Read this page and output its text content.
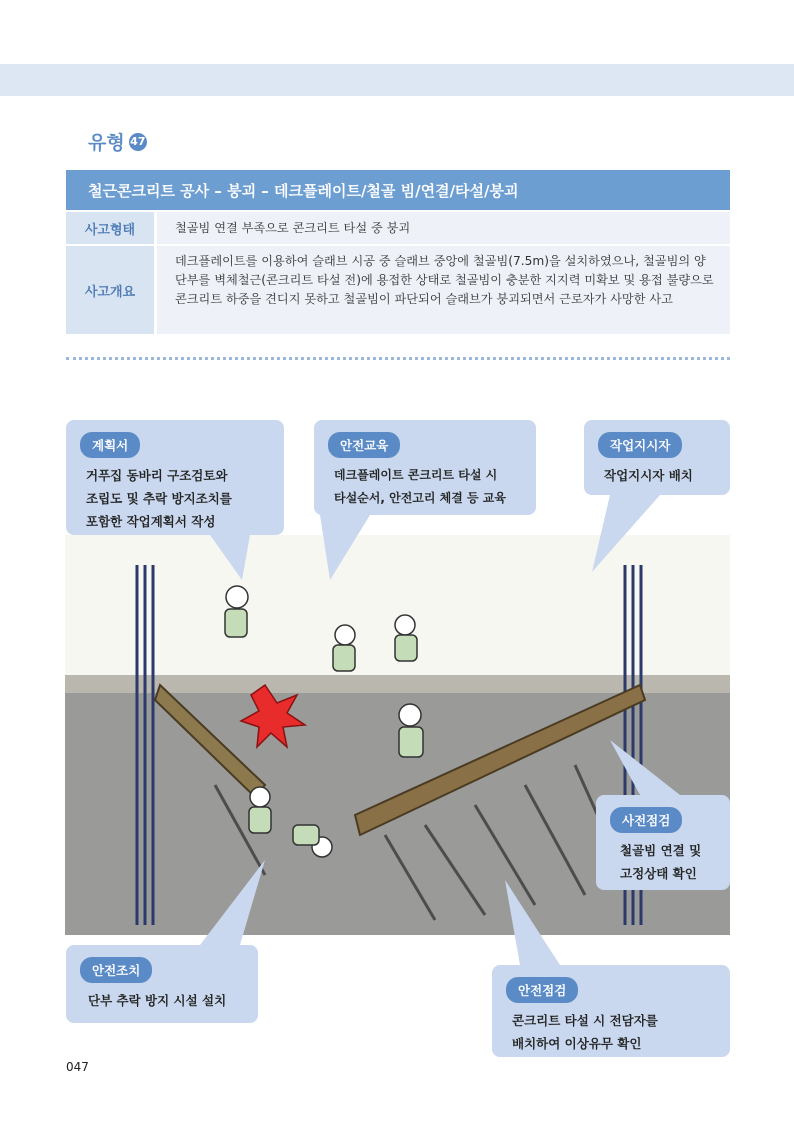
유형 47
철근콘크리트 공사 – 붕괴 – 데크플레이트/철골 빔/연결/타설/붕괴
사고형태	철골빔 연결 부족으로 콘크리트 타설 중 붕괴
사고개요
데크플레이트를 이용하여 슬래브 시공 중 슬래브 중앙에 철골빔(7.5m)을 설치하였으나, 철골빔의 양단부를 벽체철근(콘크리트 타설 전)에 용접한 상태로 철골빔이 충분한 지지력 미확보 및 용접 불량으로 콘크리트 하중을 견디지 못하고 철골빔이 파단되어 슬래브가 붕괴되면서 근로자가 사망한 사고
계획서
거푸집 동바리 구조검토와
조립도 및 추락 방지조치를
포함한 작업계획서 작성
안전교육
데크플레이트 콘크리트 타설 시
타설순서, 안전고리 체결 등 교육
작업지시자
작업지시자 배치
사전점검
철골빔 연결 및
고정상태 확인
안전조치
단부 추락 방지 시설 설치
안전점검
콘크리트 타설 시 전담자를
배치하여 이상유무 확인
047
